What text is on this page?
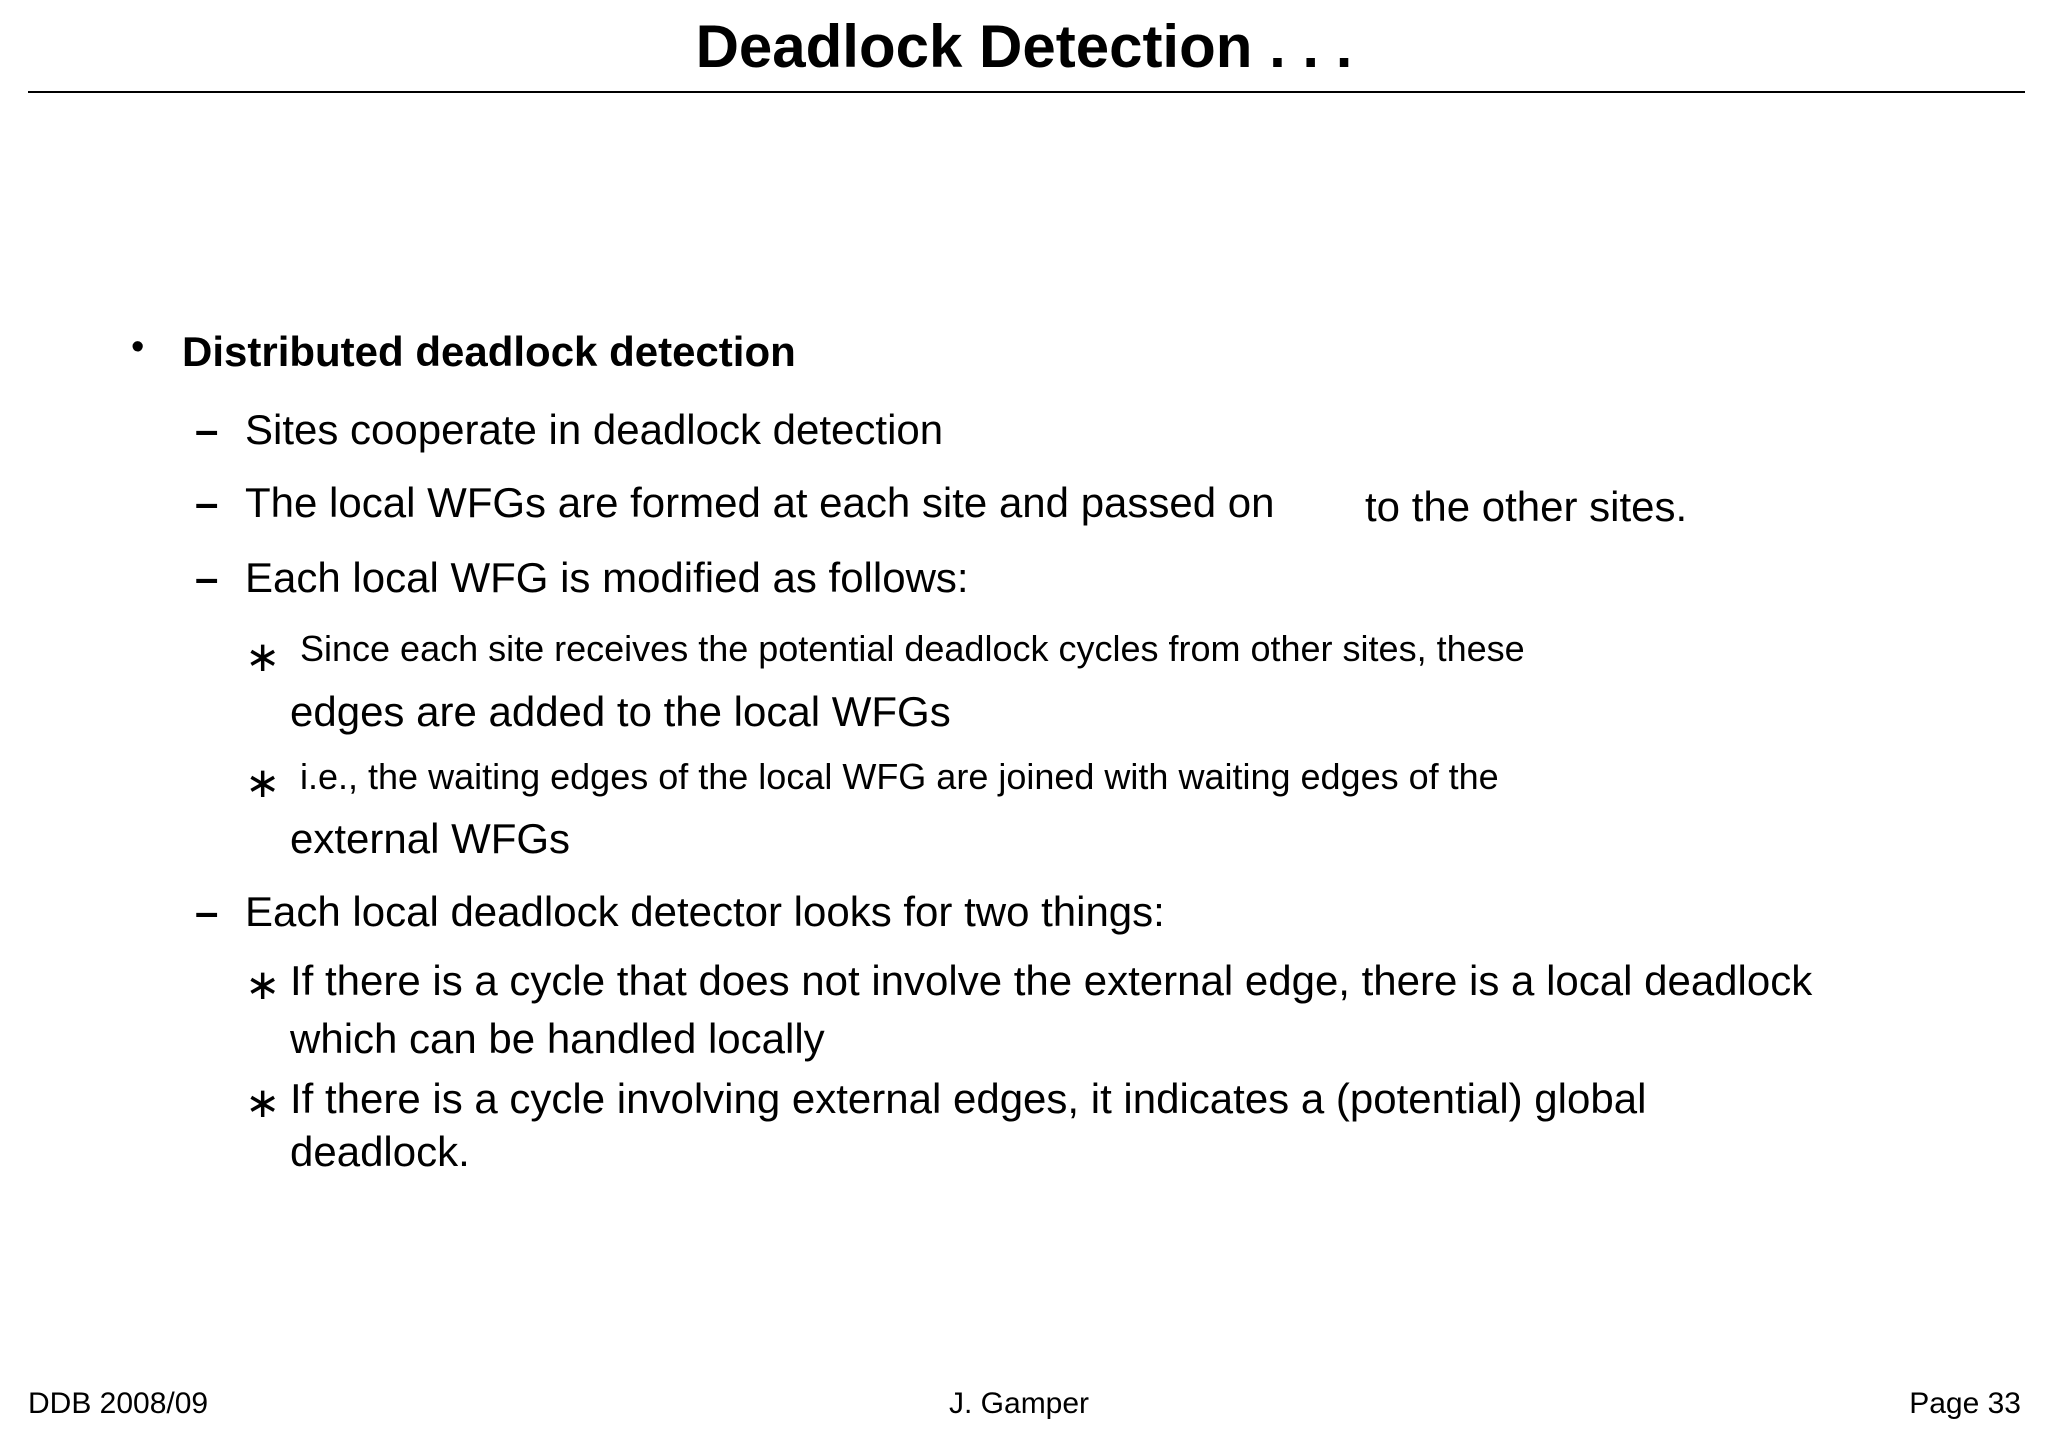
Deadlock Detection . . .
• Distributed deadlock detection
– Sites cooperate in deadlock detection
– The local WFGs are formed at each site and passed on to the other sites.
– Each local WFG is modified as follows:
∗ Since each site receives the potential deadlock cycles from other sites, these
edges are added to the local WFGs
∗ i.e., the waiting edges of the local WFG are joined with waiting edges of the
external WFGs
– Each local deadlock detector looks for two things:
∗ If there is a cycle that does not involve the external edge, there is a local deadlock
which can be handled locally
∗ If there is a cycle involving external edges, it indicates a (potential) global
deadlock.
DDB 2008/09	J. Gamper	Page 33
